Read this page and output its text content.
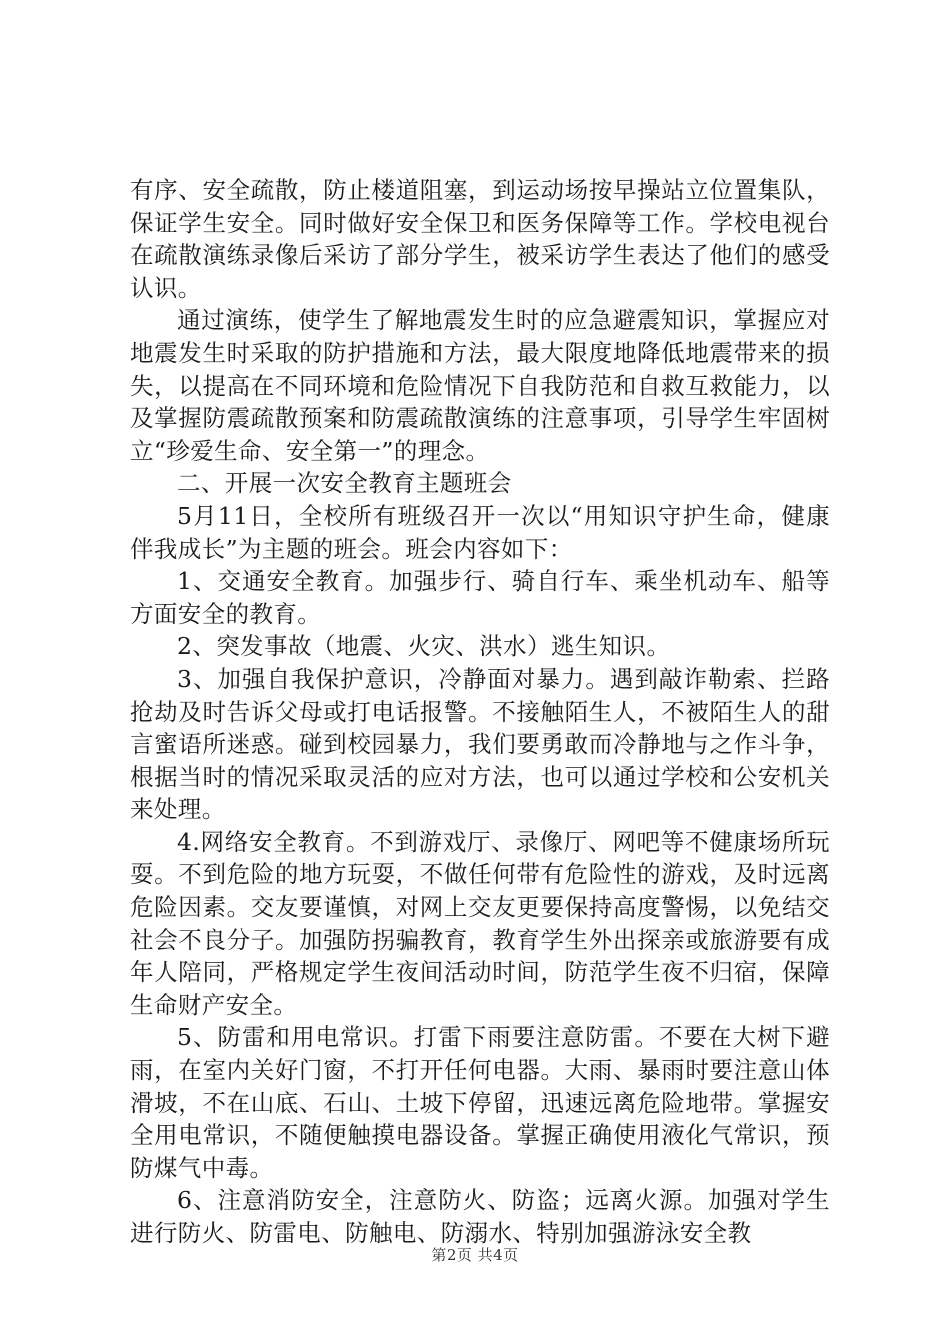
有序、安全疏散，防止楼道阻塞，到运动场按早操站立位置集队，保证学生安全。同时做好安全保卫和医务保障等工作。学校电视台在疏散演练录像后采访了部分学生，被采访学生表达了他们的感受认识。

通过演练，使学生了解地震发生时的应急避震知识，掌握应对地震发生时采取的防护措施和方法，最大限度地降低地震带来的损失，以提高在不同环境和危险情况下自我防范和自救互救能力，以及掌握防震疏散预案和防震疏散演练的注意事项，引导学生牢固树立“珍爱生命、安全第一”的理念。

二、开展一次安全教育主题班会

5月11日，全校所有班级召开一次以“用知识守护生命，健康伴我成长”为主题的班会。班会内容如下：

1、交通安全教育。加强步行、骑自行车、乘坐机动车、船等方面安全的教育。

2、突发事故（地震、火灾、洪水）逃生知识。

3、加强自我保护意识，冷静面对暴力。遇到敲诈勒索、拦路抢劫及时告诉父母或打电话报警。不接触陌生人，不被陌生人的甜言蜜语所迷惑。碰到校园暴力，我们要勇敢而冷静地与之作斗争，根据当时的情况采取灵活的应对方法，也可以通过学校和公安机关来处理。

4.网络安全教育。不到游戏厅、录像厅、网吧等不健康场所玩耍。不到危险的地方玩耍，不做任何带有危险性的游戏，及时远离危险因素。交友要谨慎，对网上交友更要保持高度警惕，以免结交社会不良分子。加强防拐骗教育，教育学生外出探亲或旅游要有成年人陪同，严格规定学生夜间活动时间，防范学生夜不归宿，保障生命财产安全。

5、防雷和用电常识。打雷下雨要注意防雷。不要在大树下避雨，在室内关好门窗，不打开任何电器。大雨、暴雨时要注意山体滑坡，不在山底、石山、土坡下停留，迅速远离危险地带。掌握安全用电常识，不随便触摸电器设备。掌握正确使用液化气常识，预防煤气中毒。

6、注意消防安全，注意防火、防盗；远离火源。加强对学生进行防火、防雷电、防触电、防溺水、特别加强游泳安全教

第2页 共4页
